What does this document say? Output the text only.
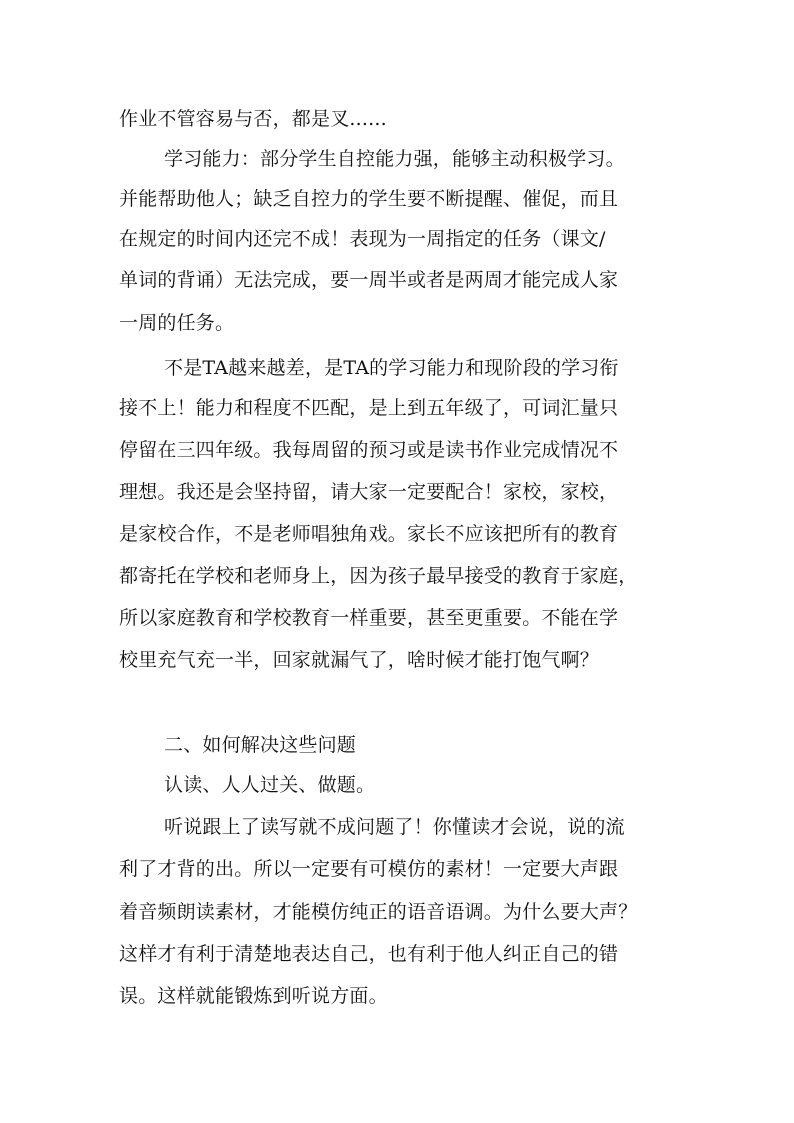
作业不管容易与否，都是叉......
学习能力：部分学生自控能力强，能够主动积极学习。
并能帮助他人；缺乏自控力的学生要不断提醒、催促，而且
在规定的时间内还完不成！表现为一周指定的任务（课文/
单词的背诵）无法完成，要一周半或者是两周才能完成人家
一周的任务。
不是TA越来越差，是TA的学习能力和现阶段的学习衔
接不上！能力和程度不匹配，是上到五年级了，可词汇量只
停留在三四年级。我每周留的预习或是读书作业完成情况不
理想。我还是会坚持留，请大家一定要配合！家校，家校，
是家校合作，不是老师唱独角戏。家长不应该把所有的教育
都寄托在学校和老师身上，因为孩子最早接受的教育于家庭，
所以家庭教育和学校教育一样重要，甚至更重要。不能在学
校里充气充一半，回家就漏气了，啥时候才能打饱气啊？
二、如何解决这些问题
认读、人人过关、做题。
听说跟上了读写就不成问题了！你懂读才会说，说的流
利了才背的出。所以一定要有可模仿的素材！一定要大声跟
着音频朗读素材，才能模仿纯正的语音语调。为什么要大声？
这样才有利于清楚地表达自己，也有利于他人纠正自己的错
误。这样就能锻炼到听说方面。
